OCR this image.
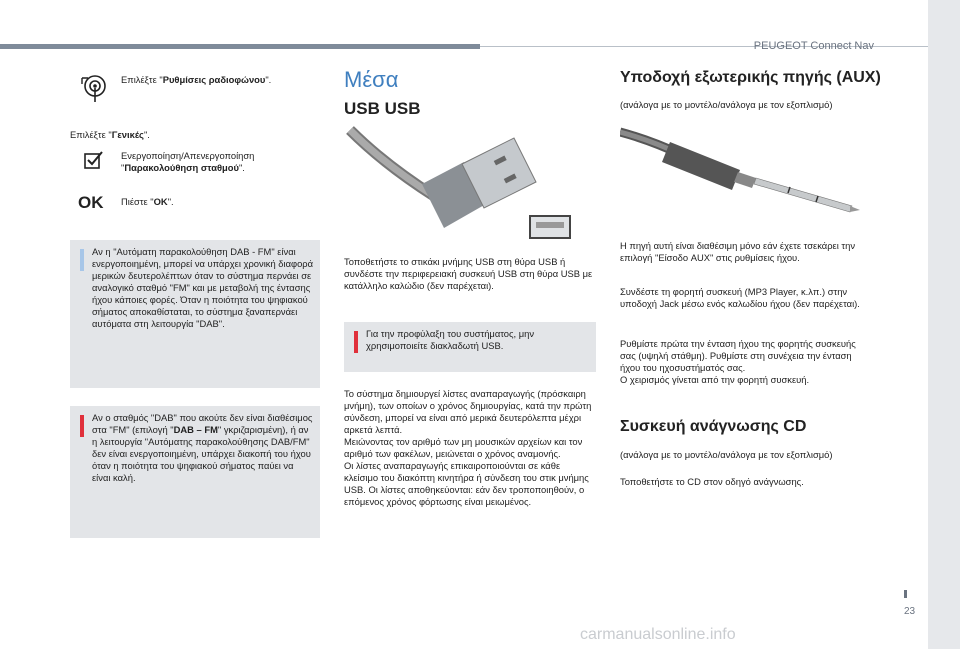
PEUGEOT Connect Nav
23

Επιλέξτε "Ρυθμίσεις ραδιοφώνου".

Επιλέξτε "Γενικές".

Ενεργοποίηση/Απενεργοποίηση
"Παρακολούθηση σταθμού".

OK Πιέστε "OK".

Αν η "Αυτόματη παρακολούθηση DAB - FM" είναι ενεργοποιημένη, μπορεί να υπάρχει χρονική διαφορά μερικών δευτερολέπτων όταν το σύστημα περνάει σε αναλογικό σταθμό "FM" και με μεταβολή της έντασης ήχου κάποιες φορές. Όταν η ποιότητα του ψηφιακού σήματος αποκαθίσταται, το σύστημα ξαναπερνάει αυτόματα στη λειτουργία "DAB".
Αν ο σταθμός "DAB" που ακούτε δεν είναι διαθέσιμος στα "FM" (επιλογή "DAB – FM" γκριζαρισμένη), ή αν η λειτουργία "Αυτόματης παρακολούθησης DAB/FM" δεν είναι ενεργοποιημένη, υπάρχει διακοπή του ήχου όταν η ποιότητα του ψηφιακού σήματος παύει να είναι καλή.
Μέσα
USB USB

Τοποθετήστε το στικάκι μνήμης USB στη θύρα USB ή συνδέστε την περιφερειακή συσκευή USB στη θύρα USB με κατάλληλο καλώδιο (δεν παρέχεται).

Για την προφύλαξη του συστήματος, μην χρησιμοποιείτε διακλαδωτή USB.

Το σύστημα δημιουργεί λίστες αναπαραγωγής (πρόσκαιρη μνήμη), των οποίων ο χρόνος δημιουργίας, κατά την πρώτη σύνδεση, μπορεί να είναι από μερικά δευτερόλεπτα μέχρι αρκετά λεπτά.
Μειώνοντας τον αριθμό των μη μουσικών αρχείων και τον αριθμό των φακέλων, μειώνεται ο χρόνος αναμονής.
Οι λίστες αναπαραγωγής επικαιροποιούνται σε κάθε κλείσιμο του διακόπτη κινητήρα ή σύνδεση του στικ μνήμης USB. Οι λίστες αποθηκεύονται: εάν δεν τροποποιηθούν, ο επόμενος χρόνος φόρτωσης είναι μειωμένος.

Υποδοχή εξωτερικής πηγής (AUX)

(ανάλογα με το μοντέλο/ανάλογα με τον εξοπλισμό)

Η πηγή αυτή είναι διαθέσιμη μόνο εάν έχετε τσεκάρει την επιλογή "Είσοδο AUX" στις ρυθμίσεις ήχου.

Συνδέστε τη φορητή συσκευή (MP3 Player, κ.λπ.) στην υποδοχή Jack μέσω ενός καλωδίου ήχου (δεν παρέχεται).

Ρυθμίστε πρώτα την ένταση ήχου της φορητής συσκευής σας (υψηλή στάθμη). Ρυθμίστε στη συνέχεια την ένταση ήχου του ηχοσυστήματός σας.
Ο χειρισμός γίνεται από την φορητή συσκευή.

Συσκευή ανάγνωσης CD

(ανάλογα με το μοντέλο/ανάλογα με τον εξοπλισμό)

Τοποθετήστε το CD στον οδηγό ανάγνωσης.

carmanualsonline.info
